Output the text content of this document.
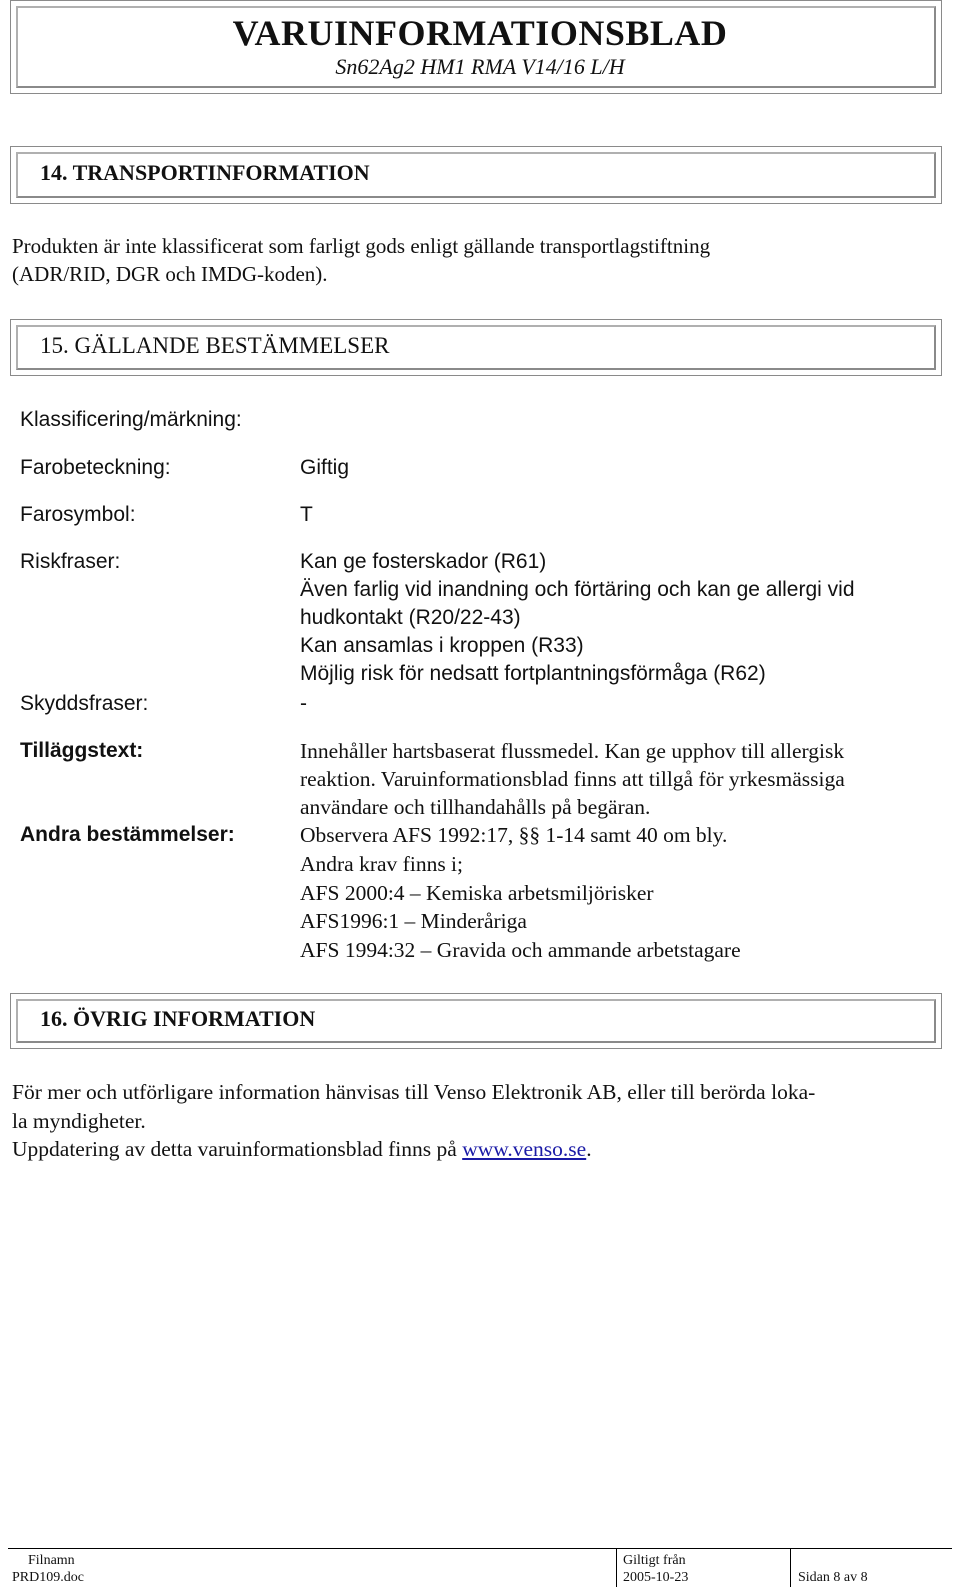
VARUINFORMATIONSBLAD
Sn62Ag2 HM1 RMA V14/16 L/H
14. TRANSPORTINFORMATION
Produkten är inte klassificerat som farligt gods enligt gällande transportlagstiftning
(ADR/RID, DGR och IMDG-koden).
15. GÄLLANDE BESTÄMMELSER
Klassificering/märkning:
Farobeteckning:	Giftig
Farosymbol:	T
Riskfraser:	Kan ge fosterskador (R61)
Även farlig vid inandning och förtäring och kan ge allergi vid
hudkontakt (R20/22-43)
Kan ansamlas i kroppen (R33)
Möjlig risk för nedsatt fortplantningsförmåga (R62)
Skyddsfraser:	-
Tilläggstext:	Innehåller hartsbaserat flussmedel. Kan ge upphov till allergisk
reaktion. Varuinformationsblad finns att tillgå för yrkesmässiga
användare och tillhandahålls på begäran.
Andra bestämmelser:	Observera AFS 1992:17, §§ 1-14 samt 40 om bly.
Andra krav finns i;
AFS 2000:4 – Kemiska arbetsmiljörisker
AFS1996:1 – Minderåriga
AFS 1994:32 – Gravida och ammande arbetstagare
16. ÖVRIG INFORMATION
För mer och utförligare information hänvisas till Venso Elektronik AB, eller till berörda loka-
la myndigheter.
Uppdatering av detta varuinformationsblad finns på www.venso.se.
Filnamn
PRD109.doc
Giltigt från
2005-10-23	Sidan 8 av 8
